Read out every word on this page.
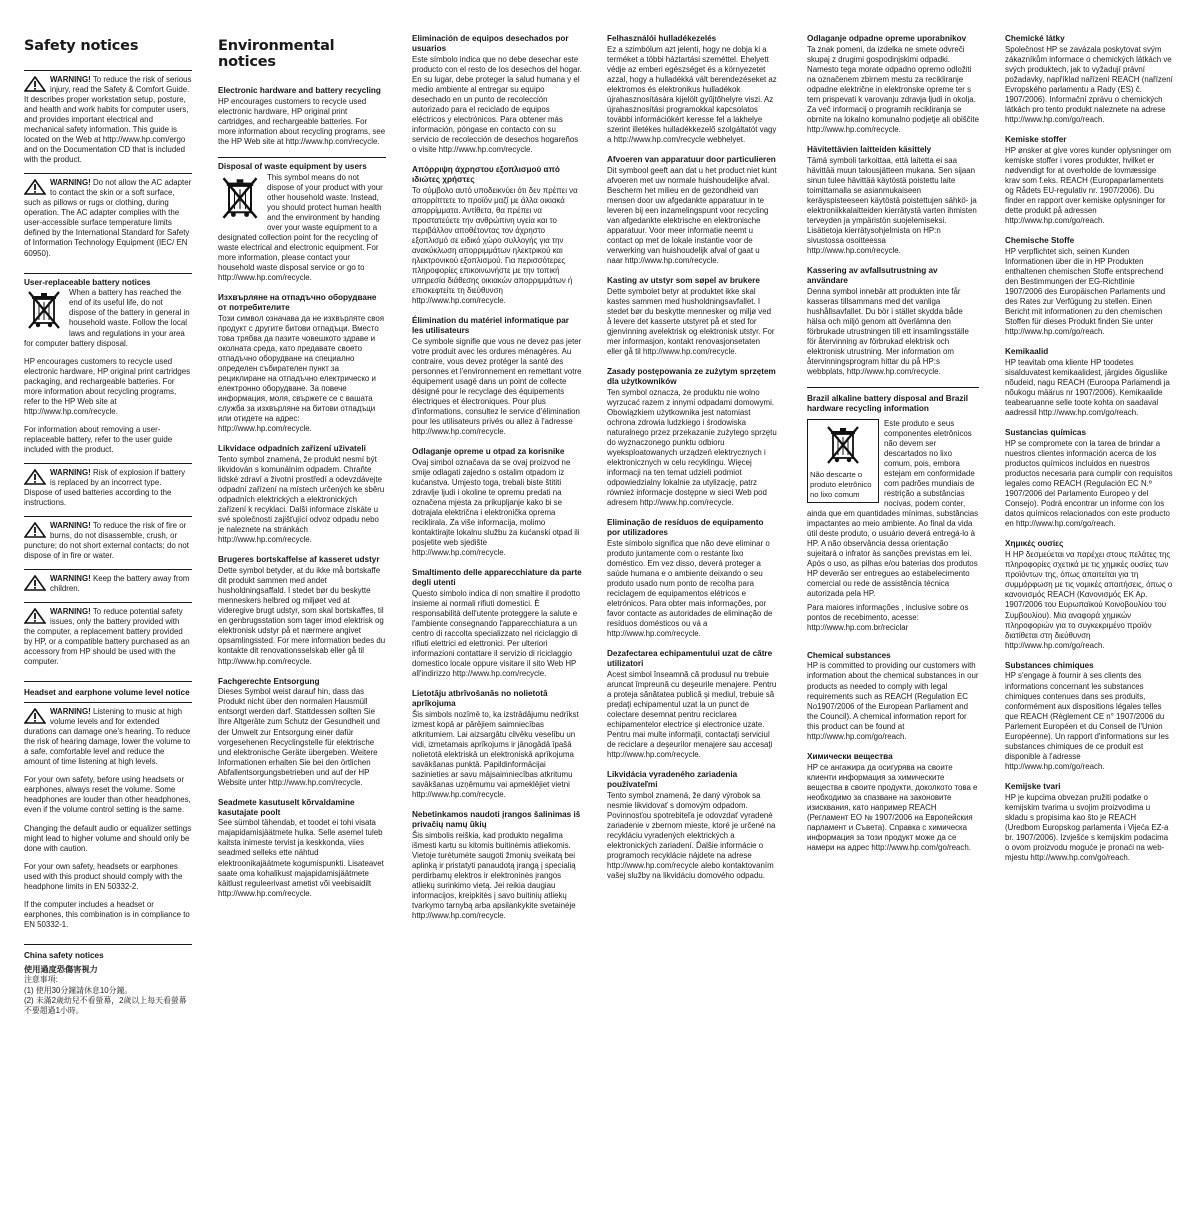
Safety notices
WARNING! To reduce the risk of serious injury, read the Safety & Comfort Guide. It describes proper workstation setup, posture, and health and work habits for computer users, and provides important electrical and mechanical safety information. This guide is located on the Web at http://www.hp.com/ergo and on the Documentation CD that is included with the product.
WARNING! Do not allow the AC adapter to contact the skin or a soft surface, such as pillows or rugs or clothing, during operation. The AC adapter complies with the user-accessible surface temperature limits defined by the International Standard for Safety of Information Technology Equipment (IEC/ EN 60950).
User-replaceable battery notices

When a battery has reached the end of its useful life, do not dispose of the battery in general in household waste. Follow the local laws and regulations in your area for computer battery disposal.

HP encourages customers to recycle used electronic hardware, HP original print cartridges packaging, and rechargeable batteries. For more information about recycling programs, refer to the HP Web site at http://www.hp.com/recycle.

For information about removing a user-replaceable battery, refer to the user guide included with the product.

WARNING! Risk of explosion if battery is replaced by an incorrect type. Dispose of used batteries according to the instructions.
WARNING! To reduce the risk of fire or burns, do not disassemble, crush, or puncture; do not short external contacts; do not dispose of in fire or water.
WARNING! Keep the battery away from children.
WARNING! To reduce potential safety issues, only the battery provided with the computer, a replacement battery provided by HP, or a compatible battery purchased as an accessory from HP should be used with the computer.
Headset and earphone volume level notice
WARNING! Listening to music at high volume levels and for extended durations can damage one's hearing. To reduce the risk of hearing damage, lower the volume to a safe, comfortable level and reduce the amount of time listening at high levels.

For your own safety, before using headsets or earphones, always reset the volume. Some headphones are louder than other headphones, even if the volume control setting is the same.

Changing the default audio or equalizer settings might lead to higher volume and should only be done with caution.

For your own safety, headsets or earphones used with this product should comply with the headphone limits in EN 50332-2.

If the computer includes a headset or earphones, this combination is in compliance to EN 50332-1.

China safety notices
使用過度恐傷害視力

注意事項:

(1) 使用30分鐘請休息10分鐘。

(2) 未滿2歲幼兒不看螢幕，2歲以上每天看螢幕不要超過1小時。

Environmental notices
Electronic hardware and battery recycling

HP encourages customers to recycle used electronic hardware, HP original print cartridges, and rechargeable batteries. For more information about recycling programs, see the HP Web site at http://www.hp.com/recycle.

Disposal of waste equipment by users

This symbol means do not dispose of your product with your other household waste. Instead, you should protect human health and the environment by handing over your waste equipment to a designated collection point for the recycling of waste electrical and electronic equipment. For more information, please contact your household waste disposal service or go to http://www.hp.com/recycle.

Изхвърляне на отпадъчно оборудване от потребителите

Този символ означава да не изхвърляте своя продукт с другите битови отпадъци. Вместо това трябва да пазите човешкото здраве и околната среда, като предавате своето отпадъчно оборудване на специално определен събирателен пункт за рециклиране на отпадъчно електрическо и електронно оборудване. За повече информация, моля, свържете се с вашата служба за изхвърляне на битови отпадъци или отидете на адрес: http://www.hp.com/recycle.

Likvidace odpadních zařízení uživateli

Tento symbol znamená, že produkt nesmí být likvidován s komunálním odpadem. Chraňte lidské zdraví a životní prostředí a odevzdávejte odpadní zařízení na místech určených ke sběru odpadních elektrických a elektronických zařízení k recyklaci. Další informace získáte u své společnosti zajišťující odvoz odpadu nebo je naleznete na stránkách http://www.hp.com/recycle.

Brugeres bortskaffelse af kasseret udstyr

Dette symbol betyder, at du ikke må bortskaffe dit produkt sammen med andet husholdningsaffald. I stedet bør du beskytte menneskers helbred og miljøet ved at videregive brugt udstyr, som skal bortskaffes, til en genbrugsstation som tager imod elektrisk og elektronisk udstyr på et nærmere angivet opsamlingssted. For mere information bedes du kontakte dit renovationsselskab eller gå til http://www.hp.com/recycle.

Fachgerechte Entsorgung

Dieses Symbol weist darauf hin, dass das Produkt nicht über den normalen Hausmüll entsorgt werden darf. Stattdessen sollten Sie Ihre Altgeräte zum Schutz der Gesundheit und der Umwelt zur Entsorgung einer dafür vorgesehenen Recyclingstelle für elektrische und elektronische Geräte übergeben. Weitere Informationen erhalten Sie bei den örtlichen Abfallentsorgungsbetrieben und auf der HP Website unter http://www.hp.com/recycle.

Seadmete kasutuselt kõrvaldamine kasutajate poolt

See sümbol tähendab, et toodet ei tohi visata majapidamisjäätmete hulka. Selle asemel tuleb kaitsta inimeste tervist ja keskkonda, viies seadmed selleks ette nähtud elektroonikajäätmete kogumispunkti. Lisateavet saate oma kohalikust majapidamisjäätmete käitlust reguleerivast ametist või veebisaidilt http://www.hp.com/recycle.

Eliminación de equipos desechados por usuarios

Este símbolo indica que no debe desechar este producto con el resto de los desechos del hogar. En su lugar, debe proteger la salud humana y el medio ambiente al entregar su equipo desechado en un punto de recolección autorizado para el reciclado de equipos eléctricos y electrónicos. Para obtener más información, póngase en contacto con su servicio de recolección de desechos hogareños o visite http://www.hp.com/recycle.

Απόρριψη άχρηστου εξοπλισμού από ιδιώτες χρήστες

Το σύμβολο αυτό υποδεικνύει ότι δεν πρέπει να απορρίπτετε το προϊόν μαζί με άλλα οικιακά απορρίμματα. Αντίθετα, θα πρέπει να προστατεύετε την ανθρώπινη υγεία και το περιβάλλον αποθέτοντας τον άχρηστο εξοπλισμό σε ειδικό χώρο συλλογής για την ανακύκλωση απορριμμάτων ηλεκτρικού και ηλεκτρονικού εξοπλισμού. Για περισσότερες πληροφορίες επικοινωνήστε με την τοπική υπηρεσία διάθεσης οικιακών απορριμμάτων ή επισκεφτείτε τη διεύθυνση http://www.hp.com/recycle.

Élimination du matériel informatique par les utilisateurs

Ce symbole signifie que vous ne devez pas jeter votre produit avec les ordures ménagères. Au contraire, vous devez protéger la santé des personnes et l'environnement en remettant votre équipement usagé dans un point de collecte désigné pour le recyclage des équipements électriques et électroniques. Pour plus d'informations, consultez le service d'élimination pour les utilisateurs privés ou allez à l'adresse http://www.hp.com/recycle.

Odlaganje opreme u otpad za korisnike

Ovaj simbol označava da se ovaj proizvod ne smije odlagati zajedno s ostalim otpadom iz kućanstva. Umjesto toga, trebali biste štititi zdravlje ljudi i okoline te opremu predati na označena mjesta za prikupljanje kako bi se dotrajala električna i elektronička oprema reciklirala. Za više informacija, molimo kontaktirajte lokalnu službu za kućanski otpad ili posjetite web sjedište http://www.hp.com/recycle.

Smaltimento delle apparecchiature da parte degli utenti

Questo simbolo indica di non smaltire il prodotto insieme ai normali rifiuti domestici. È responsabilità dell'utente proteggere la salute e l'ambiente consegnando l'apparecchiatura a un centro di raccolta specializzato nel riciclaggio di rifiuti elettrici ed elettronici. Per ulteriori informazioni contattare il servizio di riciclaggio domestico locale oppure visitare il sito Web HP all'indirizzo http://www.hp.com/recycle.

Lietotāju atbrīvošanās no nolietotā aprīkojuma

Šis simbols nozīmē to, ka izstrādājumu nedrīkst izmest kopā ar pārējiem saimniecības atkritumiem. Lai aizsargātu cilvēku veselību un vidi, izmetamais aprīkojums ir jānogādā īpašā nolietotā elektriskā un elektroniskā aprīkojuma savākšanas punktā. Papildinformācijai sazinieties ar savu mājsaimniecības atkritumu savākšanas uzņēmumu vai apmeklējiet vietni http://www.hp.com/recycle.

Nebetinkamos naudoti įrangos šalinimas iš privačių namų ūkių

Šis simbolis reiškia, kad produkto negalima išmesti kartu su kitomis buitinėmis atliekomis. Vietoje turėtumėte saugoti žmonių sveikatą bei aplinką ir pristatyti panaudotą įrangą į specialią perdirbamų elektros ir elektroninės įrangos atliekų surinkimo vietą. Jei reikia daugiau informacijos, kreipkitės į savo buitinių atliekų tvarkymo tarnybą arba apsilankykite svetainėje http://www.hp.com/recycle.

Felhasználói hulladékezelés

Ez a szimbólum azt jelenti, hogy ne dobja ki a terméket a többi háztartási szeméttel. Ehelyett védje az emberi egészséget és a környezetet azzal, hogy a hulladékká vált berendezéseket az elektromos és elektronikus hulladékok újrahasznosítására kijelölt gyűjtőhelyre viszi. Az újrahasznosítási programokkal kapcsolatos további információkért keresse fel a lakhelye szerint illetékes hulladékkezelő szolgáltatót vagy a http://www.hp.com/recycle webhelyet.

Afvoeren van apparatuur door particulieren

Dit symbool geeft aan dat u het product niet kunt afvoeren met uw normale huishoudelijke afval. Bescherm het milieu en de gezondheid van mensen door uw afgedankte apparatuur in te leveren bij een inzamelingspunt voor recycling van afgedankte elektrische en elektronische apparatuur. Voor meer informatie neemt u contact op met de lokale instantie voor de verwerking van huishoudelijk afval of gaat u naar http://www.hp.com/recycle.

Kasting av utstyr som søpel av brukere

Dette symbolet betyr at produktet ikke skal kastes sammen med husholdningsavfallet. I stedet bør du beskytte mennesker og miljø ved å levere det kasserte utstyret på et sted for gjenvinning avelektrisk og elektronisk utstyr. For mer informasjon, kontakt renovasjonsetaten eller gå til http://www.hp.com/recycle.

Zasady postępowania ze zużytym sprzętem dla użytkowników

Ten symbol oznacza, że produktu nie wolno wyrzucać razem z innymi odpadami domowymi. Obowiązkiem użytkownika jest natomiast ochrona zdrowia ludzkiego i środowiska naturalnego przez przekazanie zużytego sprzętu do wyznaczonego punktu odbioru wyeksploatowanych urządzeń elektrycznych i elektronicznych w celu recyklingu. Więcej informacji na ten temat udzieli podmiot odpowiedzialny lokalnie za utylizację, patrz również informacje dostępne w sieci Web pod adresem http://www.hp.com/recycle.

Eliminação de resíduos de equipamento por utilizadores

Este símbolo significa que não deve eliminar o produto juntamente com o restante lixo doméstico. Em vez disso, deverá proteger a saúde humana e o ambiente deixando o seu produto usado num ponto de recolha para reciclagem de equipamentos elétricos e eletrónicos. Para obter mais informações, por favor contacte as autoridades de eliminação de resíduos domésticos ou vá a http://www.hp.com/recycle.

Dezafectarea echipamentului uzat de către utilizatori

Acest simbol înseamnă că produsul nu trebuie aruncat împreună cu deşeurile menajere. Pentru a proteja sănătatea publică şi mediul, trebuie să predaţi echipamentul uzat la un punct de colectare desemnat pentru reciclarea echipamentelor electrice şi electronice uzate. Pentru mai multe informaţii, contactaţi serviciul de reciclare a deşeurilor menajere sau accesaţi http://www.hp.com/recycle.

Likvidácia vyradeného zariadenia používateľmi

Tento symbol znamená, že daný výrobok sa nesmie likvidovať s domovým odpadom. Povinnosťou spotrebiteľa je odovzdať vyradené zariadenie v zbernom mieste, ktoré je určené na recykláciu vyradených elektrických a elektronických zariadení. Ďalšie informácie o programoch recyklácie nájdete na adrese http://www.hp.com/recycle alebo kontaktovaním vašej služby na likvidáciu domového odpadu.

Odlaganje odpadne opreme uporabnikov

Ta znak pomeni, da izdelka ne smete odvreči skupaj z drugimi gospodinjskimi odpadki. Namesto tega morate odpadno opremo odložiti na označenem zbirnem mestu za recikliranje odpadne električne in elektronske opreme ter s tem prispevati k varovanju zdravja ljudi in okolja. Za več informacij o programih recikliranja se obrnite na lokalno komunalno podjetje ali obiščite http://www.hp.com/recycle.

Hävitettävien laitteiden käsittely

Tämä symboli tarkoittaa, että laitetta ei saa hävittää muun talousjätteen mukana. Sen sijaan sinun tulee hävittää käytöstä poistettu laite toimittamalla se asianmukaiseen keräyspisteeseen käytöstä poistettujen sähkö- ja elektroniikkalaitteiden kierrätystä varten ihmisten terveyden ja ympäristön suojelemiseksi. Lisätietoja kierrätysohjelmista on HP:n sivustossa osoitteessa http://www.hp.com/recycle.

Kassering av avfallsutrustning av användare

Denna symbol innebär att produkten inte får kasseras tillsammans med det vanliga hushållsavfallet. Du bör i stället skydda både hälsa och miljö genom att överlämna den förbrukade utrustningen till ett insamlingsställe för återvinning av förbrukad elektrisk och elektronisk utrustning. Mer information om återvinningsprogram hittar du på HP:s webbplats, http://www.hp.com/recycle.

Brazil alkaline battery disposal and Brazil hardware recycling information
Não descarte o produto eletrônico no lixo comum

Este produto e seus componentes eletrônicos não devem ser descartados no lixo comum, pois, embora estejam em conformidade com padrões mundiais de restrição a substâncias nocivas, podem conter, ainda que em quantidades mínimas, substâncias impactantes ao meio ambiente. Ao final da vida útil deste produto, o usuário deverá entregá-lo à HP. A não observância dessa orientação sujeitará o infrator às sanções previstas em lei. Após o uso, as pilhas e/ou baterias dos produtos HP deverão ser entregues ao estabelecimento comercial ou rede de assistência técnica autorizada pela HP.

Para maiores informações , inclusive sobre os pontos de recebimento, acesse: http://www.hp.com.br/reciclar

Chemical substances

HP is committed to providing our customers with information about the chemical substances in our products as needed to comply with legal requirements such as REACH (Regulation EC No1907/2006 of the European Parliament and the Council). A chemical information report for this product can be found at http://www.hp.com/go/reach.

Химически вещества

HP се ангажира да осигурява на своите клиенти информация за химическите вещества в своите продукти, доколкото това е необходимо за спазване на законовите изисквания, като например REACH (Регламент ЕО № 1907/2006 на Европейския парламент и Съвета). Справка с химическа информация за този продукт може да се намери на адрес http://www.hp.com/go/reach.

Chemické látky

Společnost HP se zavázala poskytovat svým zákazníkům informace o chemických látkách ve svých produktech, jak to vyžadují právní požadavky, například nařízení REACH (nařízení Evropského parlamentu a Rady (ES) č. 1907/2006). Informační zprávu o chemických látkách pro tento produkt naleznete na adrese http://www.hp.com/go/reach.

Kemiske stoffer

HP ønsker at give vores kunder oplysninger om kemiske stoffer i vores produkter, hvilket er nødvendigt for at overholde de lovmæssige krav som f.eks. REACH (Europaparlamentets og Rådets EU-regulativ nr. 1907/2006). Du finder en rapport over kemiske oplysninger for dette produkt på adressen http://www.hp.com/go/reach.

Chemische Stoffe

HP verpflichtet sich, seinen Kunden Informationen über die in HP Produkten enthaltenen chemischen Stoffe entsprechend den Bestimmungen der EG-Richtlinie 1907/2006 des Europäischen Parlaments und des Rates zur Verfügung zu stellen. Einen Bericht mit informationen zu den chemischen Stoffen für dieses Produkt finden Sie unter http://www.hp.com/go/reach.

Kemikaalid

HP teavitab oma kliente HP toodetes sisalduvatest kemikaalidest, järgides õigusliike nõudeid, nagu REACH (Euroopa Parlamendi ja nõukogu määrus nr 1907/2006). Kemikaalide teabearuanne selle toote kohta on saadaval aadressil http://www.hp.com/go/reach.

Sustancias químicas

HP se compromete con la tarea de brindar a nuestros clientes información acerca de los productos químicos incluidos en nuestros productos necesaria para cumplir con requisitos legales como REACH (Regulación EC N.º 1907/2006 del Parlamento Europeo y del Consejo). Podrá encontrar un informe con los datos químicos relacionados con este producto en http://www.hp.com/go/reach.

Χημικές ουσίες

Η HP δεσμεύεται να παρέχει στους πελάτες της πληροφορίες σχετικά με τις χημικές ουσίες των προϊόντων της, όπως απαιτείται για τη συμμόρφωση με τις νομικές απαιτήσεις, όπως ο κανονισμός REACH (Κανονισμός ΕΚ Αρ. 1907/2006 του Ευρωπαϊκού Κοινοβουλίου του Συμβουλίου). Μια αναφορά χημικών πληροφοριών για το συγκεκριμένο προϊόν διατίθεται στη διεύθυνση http://www.hp.com/go/reach.

Substances chimiques

HP s'engage à fournir à ses clients des informations concernant les substances chimiques contenues dans ses produits, conformément aux dispositions légales telles que REACH (Règlement CE n° 1907/2006 du Parlement Européen et du Conseil de l'Union Européenne). Un rapport d'informations sur les substances chimiques de ce produit est disponible à l'adresse http://www.hp.com/go/reach.

Kemijske tvari

HP je kupcima obvezan pružiti podatke o kemijskim tvarima u svojim proizvodima u skladu s propisima kao što je REACH (Uredbom Europskog parlamenta i Vijeća EZ-a br. 1907/2006). Izvješće s kemijskim podacima o ovom proizvodu moguće je pronaći na web-mjestu http://www.hp.com/go/reach.
